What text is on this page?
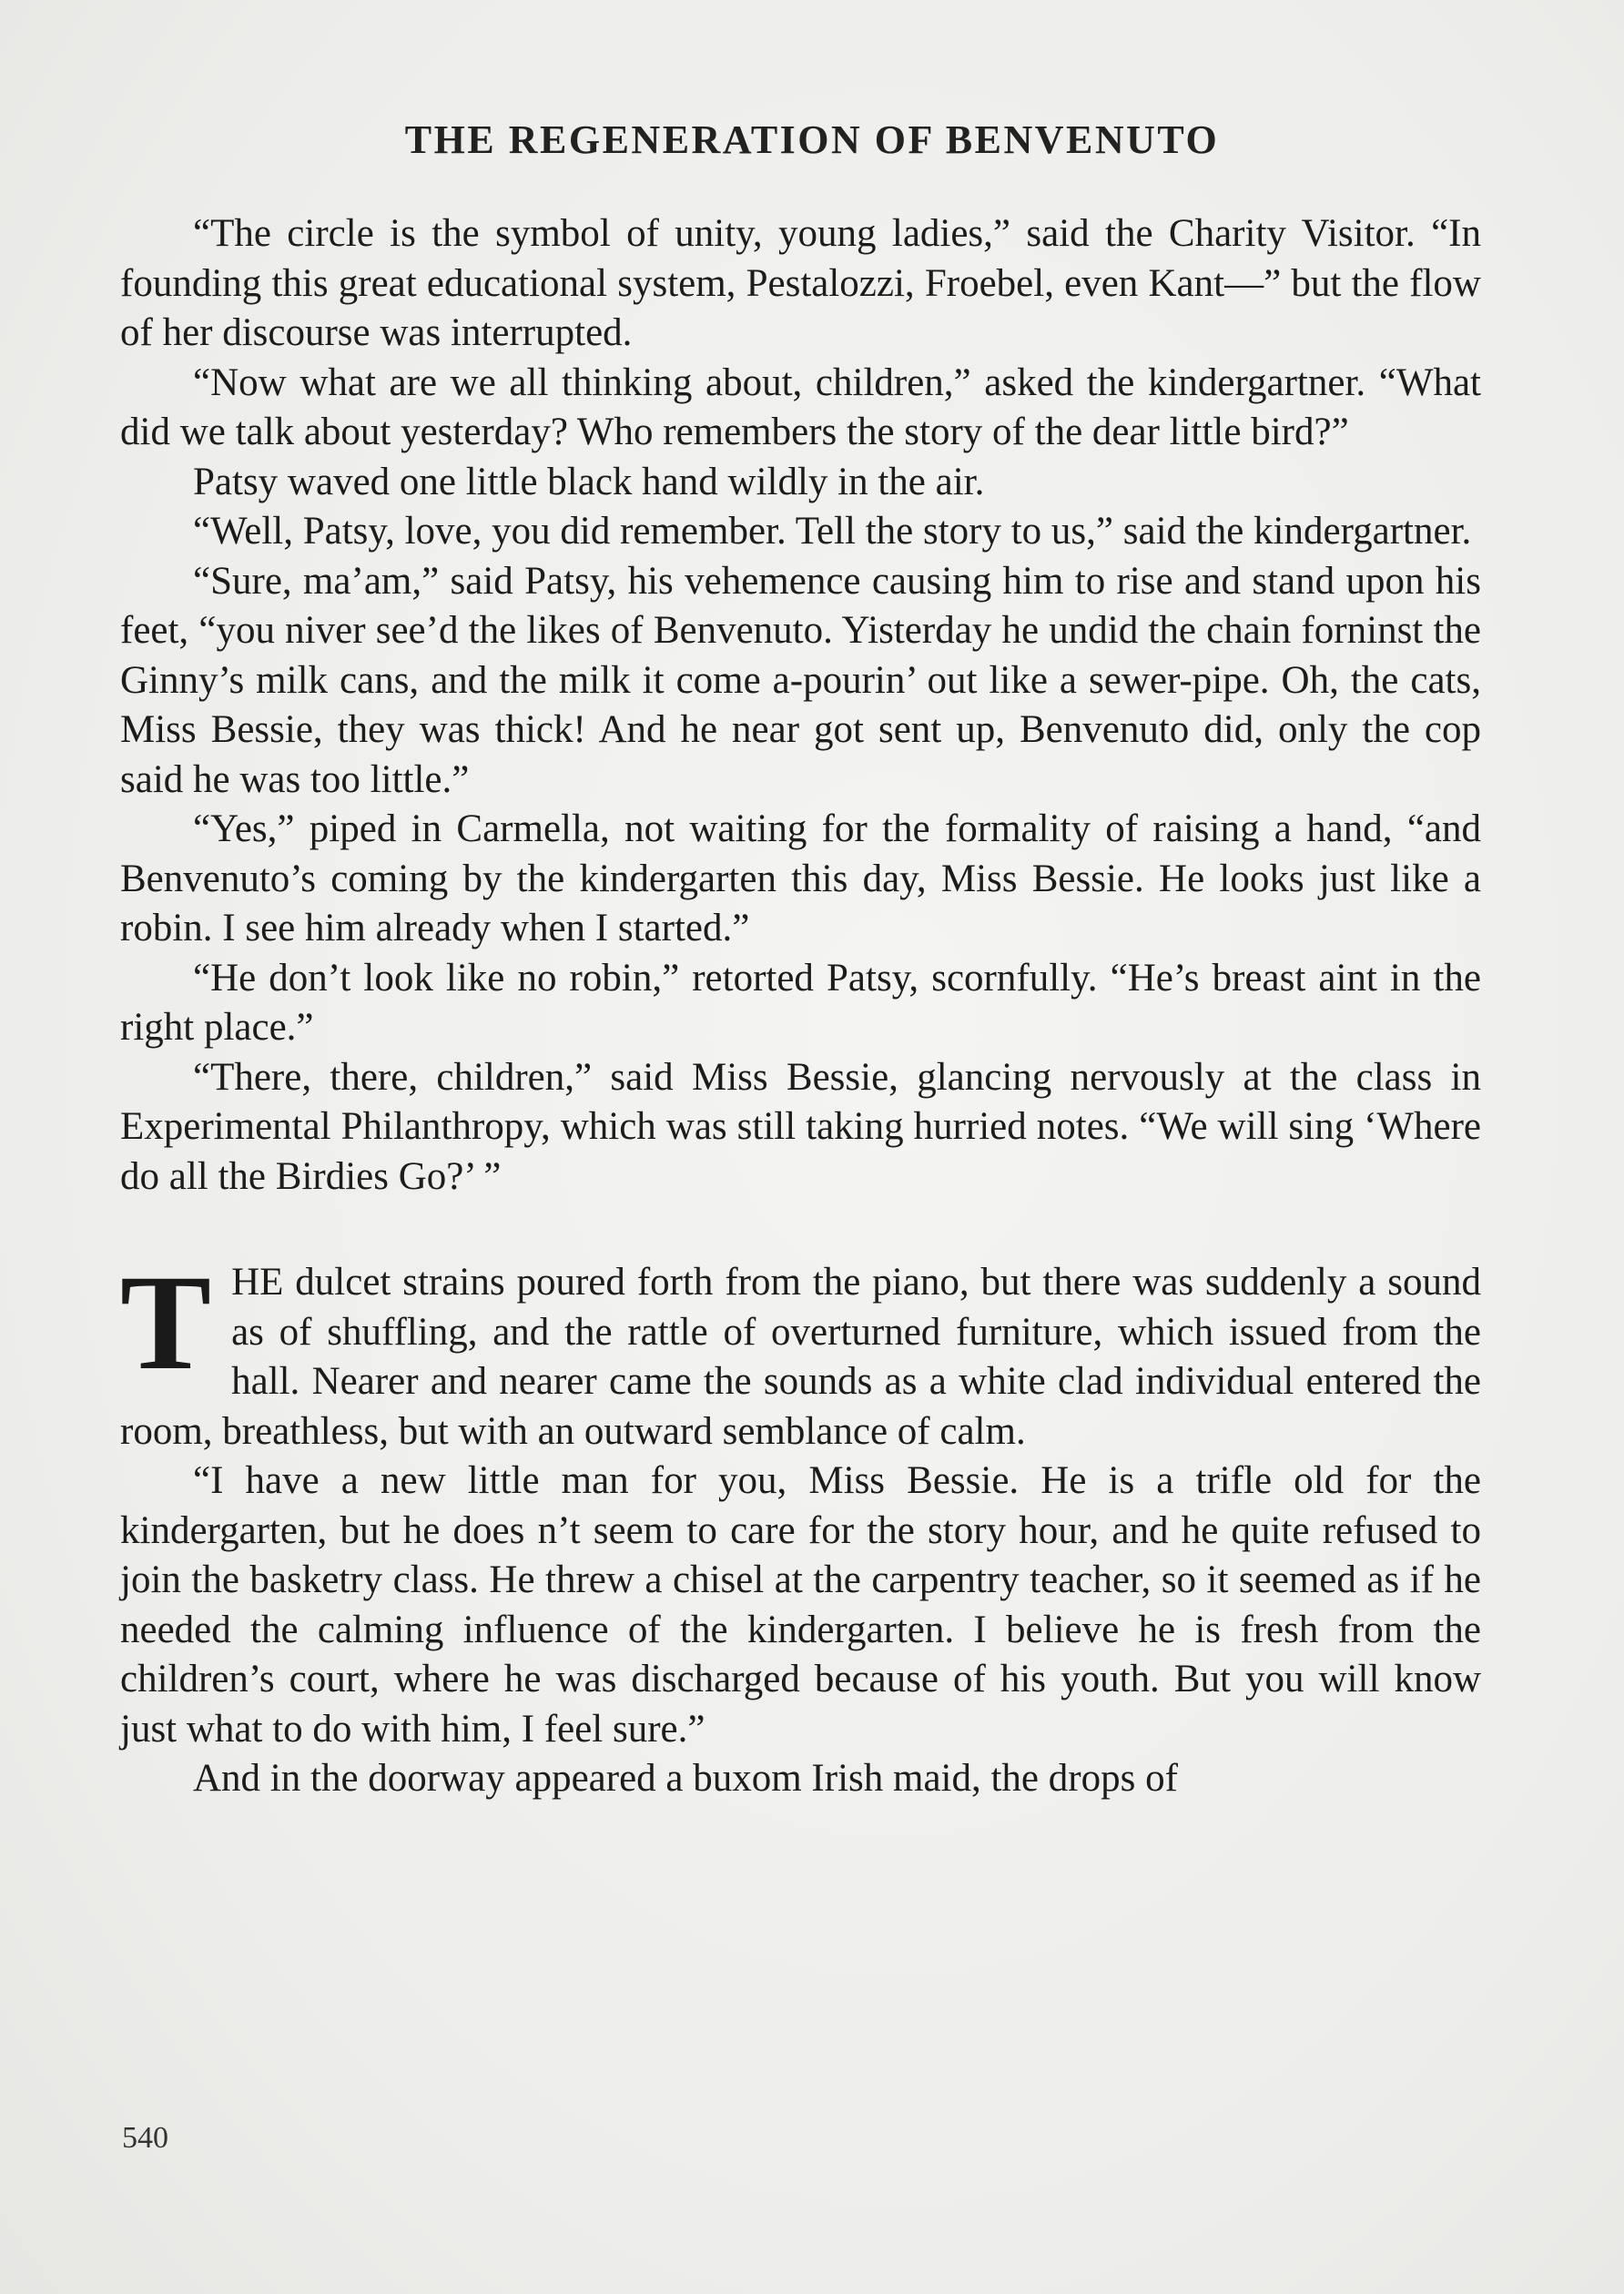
THE REGENERATION OF BENVENUTO

“The circle is the symbol of unity, young ladies,” said the Charity Visitor. “In founding this great educational system, Pestalozzi, Froebel, even Kant—” but the flow of her discourse was interrupted.

“Now what are we all thinking about, children,” asked the kindergartner. “What did we talk about yesterday? Who remembers the story of the dear little bird?”

Patsy waved one little black hand wildly in the air.

“Well, Patsy, love, you did remember. Tell the story to us,” said the kindergartner.

“Sure, ma’am,” said Patsy, his vehemence causing him to rise and stand upon his feet, “you niver see’d the likes of Benvenuto. Yisterday he undid the chain forninst the Ginny’s milk cans, and the milk it come a-pourin’ out like a sewer-pipe. Oh, the cats, Miss Bessie, they was thick! And he near got sent up, Benvenuto did, only the cop said he was too little.”

“Yes,” piped in Carmella, not waiting for the formality of raising a hand, “and Benvenuto’s coming by the kindergarten this day, Miss Bessie. He looks just like a robin. I see him already when I started.”

“He don’t look like no robin,” retorted Patsy, scornfully. “He’s breast aint in the right place.”

“There, there, children,” said Miss Bessie, glancing nervously at the class in Experimental Philanthropy, which was still taking hurried notes. “We will sing ‘Where do all the Birdies Go?’ ”

THE dulcet strains poured forth from the piano, but there was suddenly a sound as of shuffling, and the rattle of overturned furniture, which issued from the hall. Nearer and nearer came the sounds as a white clad individual entered the room, breathless, but with an outward semblance of calm.

“I have a new little man for you, Miss Bessie. He is a trifle old for the kindergarten, but he does n’t seem to care for the story hour, and he quite refused to join the basketry class. He threw a chisel at the carpentry teacher, so it seemed as if he needed the calming influence of the kindergarten. I believe he is fresh from the children’s court, where he was discharged because of his youth. But you will know just what to do with him, I feel sure.”

And in the doorway appeared a buxom Irish maid, the drops of

540
